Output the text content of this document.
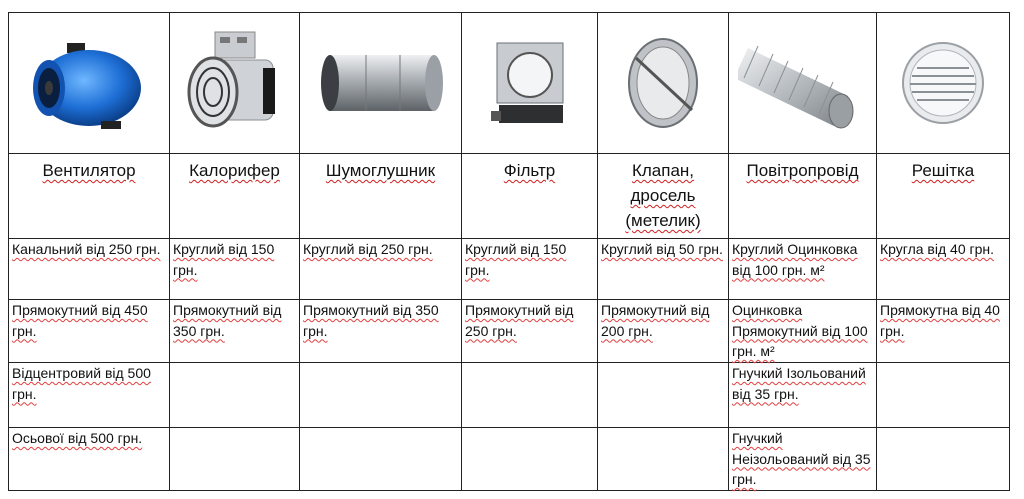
Вентилятор	Калорифер	Шумоглушник	Фільтр	Клапан, дросель (метелик)	Повітропровід	Решітка
Канальний від 250 грн.	Круглий від 150 грн.	Круглий від 250 грн.	Круглий від 150 грн.	Круглий від 50 грн.	Круглий Оцинковка від 100 грн. м²	Кругла від 40 грн.
Прямокутний від 450 грн.	Прямокутний від 350 грн.	Прямокутний від 350 грн.	Прямокутний від 250 грн.	Прямокутний від 200 грн.	Оцинковка Прямокутний від 100 грн. м²	Прямокутна від 40 грн.
Відцентровий від 500 грн.					Гнучкий Ізольований від 35 грн.	
Осьової від 500 грн.					Гнучкий Неізольований від 35 грн.	
